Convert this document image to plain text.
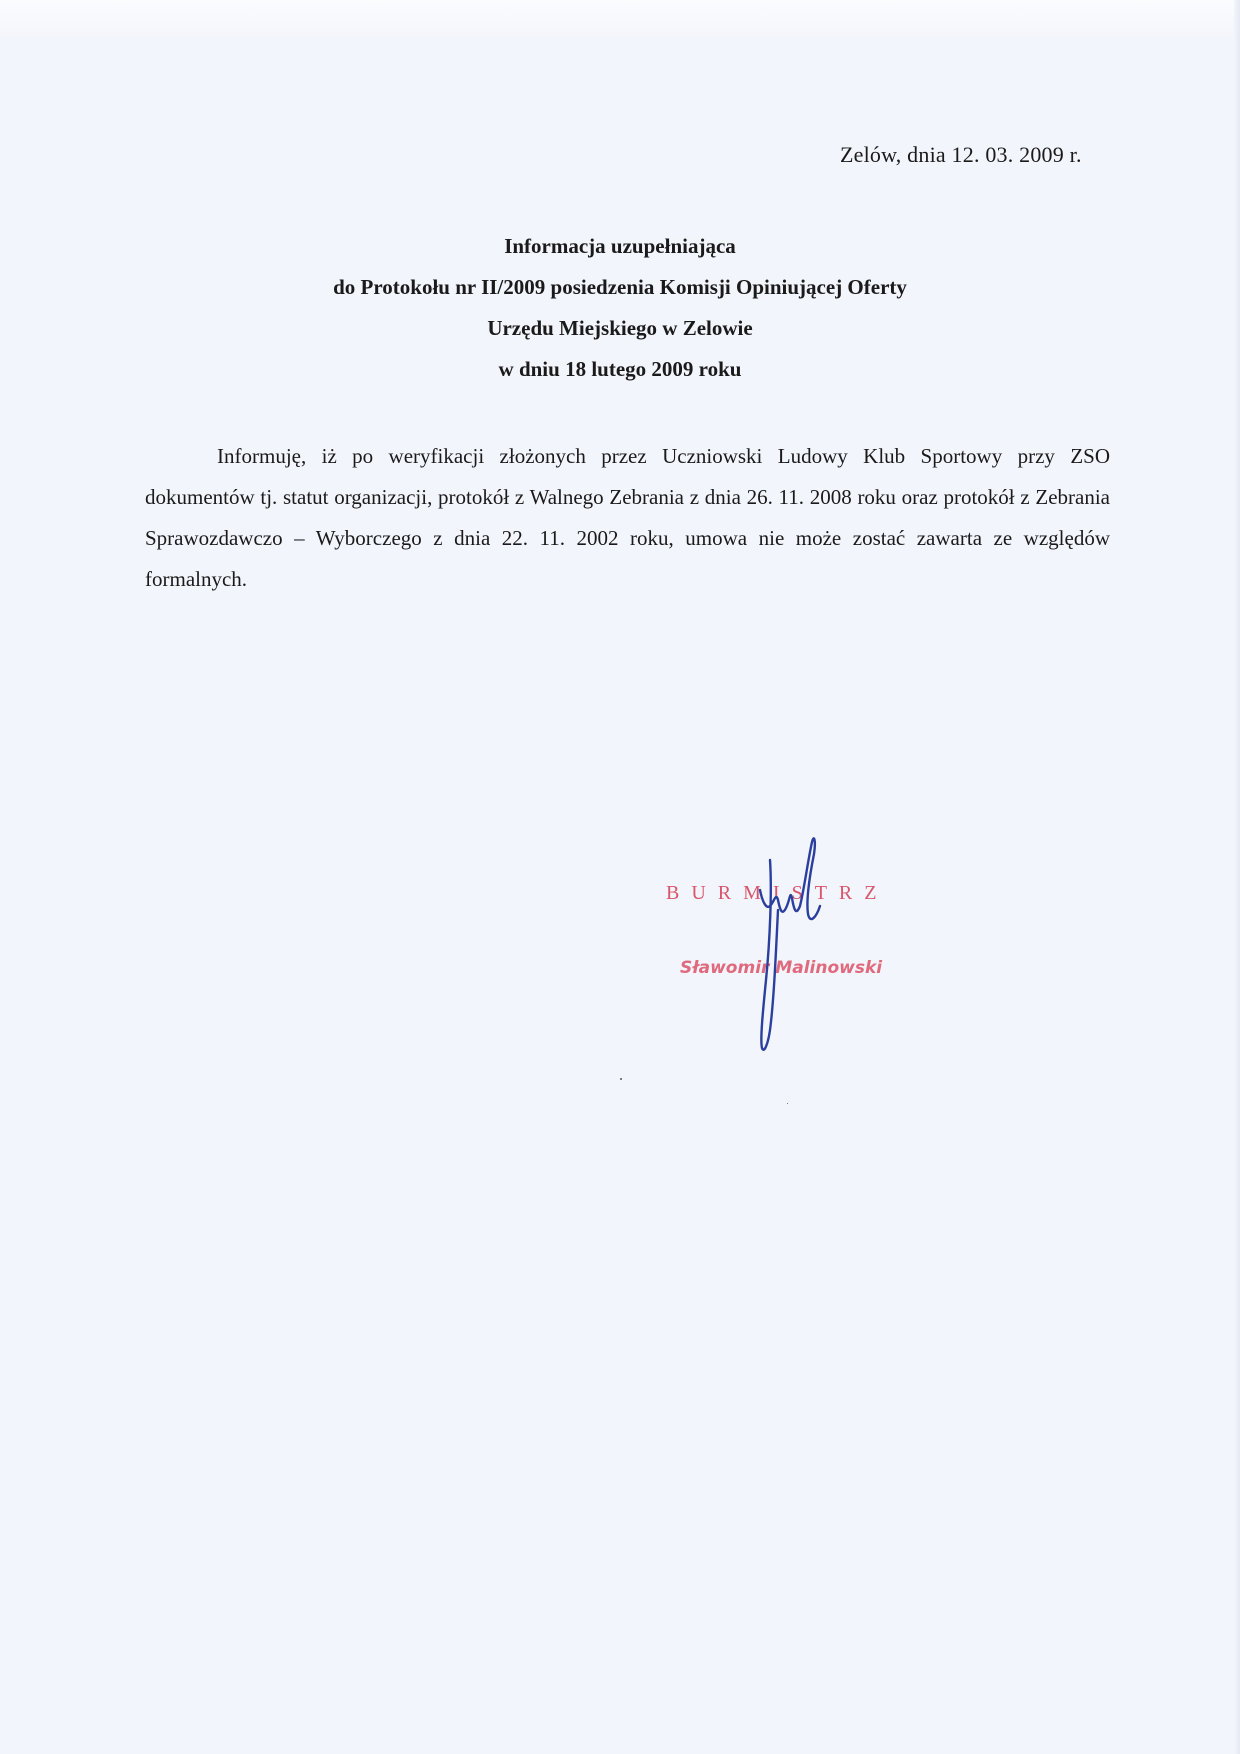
Zelów, dnia 12. 03. 2009 r.
Informacja uzupełniająca
do Protokołu nr II/2009 posiedzenia Komisji Opiniującej Oferty
Urzędu Miejskiego w Zelowie
w dniu 18 lutego 2009 roku
Informuję, iż po weryfikacji złożonych przez Uczniowski Ludowy Klub Sportowy przy ZSO dokumentów tj. statut organizacji, protokół z Walnego Zebrania z dnia 26. 11. 2008 roku oraz protokół z Zebrania Sprawozdawczo – Wyborczego z dnia 22. 11. 2002 roku, umowa nie może zostać zawarta ze względów formalnych.
BURMISTRZ
Sławomir Malinowski
